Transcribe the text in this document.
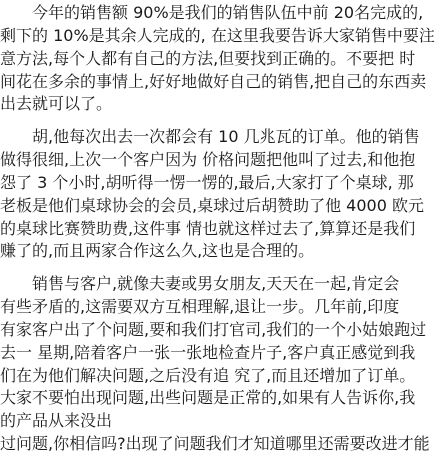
　　今年的销售额 90%是我们的销售队伍中前 20名完成的,
剩下的 10%是其余人完成的, 在这里我要告诉大家销售中要注
意方法,每个人都有自己的方法,但要找到正确的。不要把 时
间花在多余的事情上,好好地做好自己的销售,把自己的东西卖
出去就可以了。
　　胡,他每次出去一次都会有 10 几兆瓦的订单。他的销售
做得很细,上次一个客户因为 价格问题把他叫了过去,和他抱
怨了 3 个小时,胡听得一愣一愣的,最后,大家打了个桌球, 那
老板是他们桌球协会的会员,桌球过后胡赞助了他 4000 欧元
的桌球比赛赞助费,这件事 情也就这样过去了,算算还是我们
赚了的,而且两家合作这么久,这也是合理的。
　　销售与客户,就像夫妻或男女朋友,天天在一起,肯定会
有些矛盾的,这需要双方互相理解,退让一步。几年前,印度
有家客户出了个问题,要和我们打官司,我们的一个小姑娘跑过
去一 星期,陪着客户一张一张地检查片子,客户真正感觉到我
们在为他们解决问题,之后没有追 究了,而且还增加了订单。
大家不要怕出现问题,出些问题是正常的,如果有人告诉你,我
的产品从来没出
过问题,你相信吗?出现了问题我们才知道哪里还需要改进才能
